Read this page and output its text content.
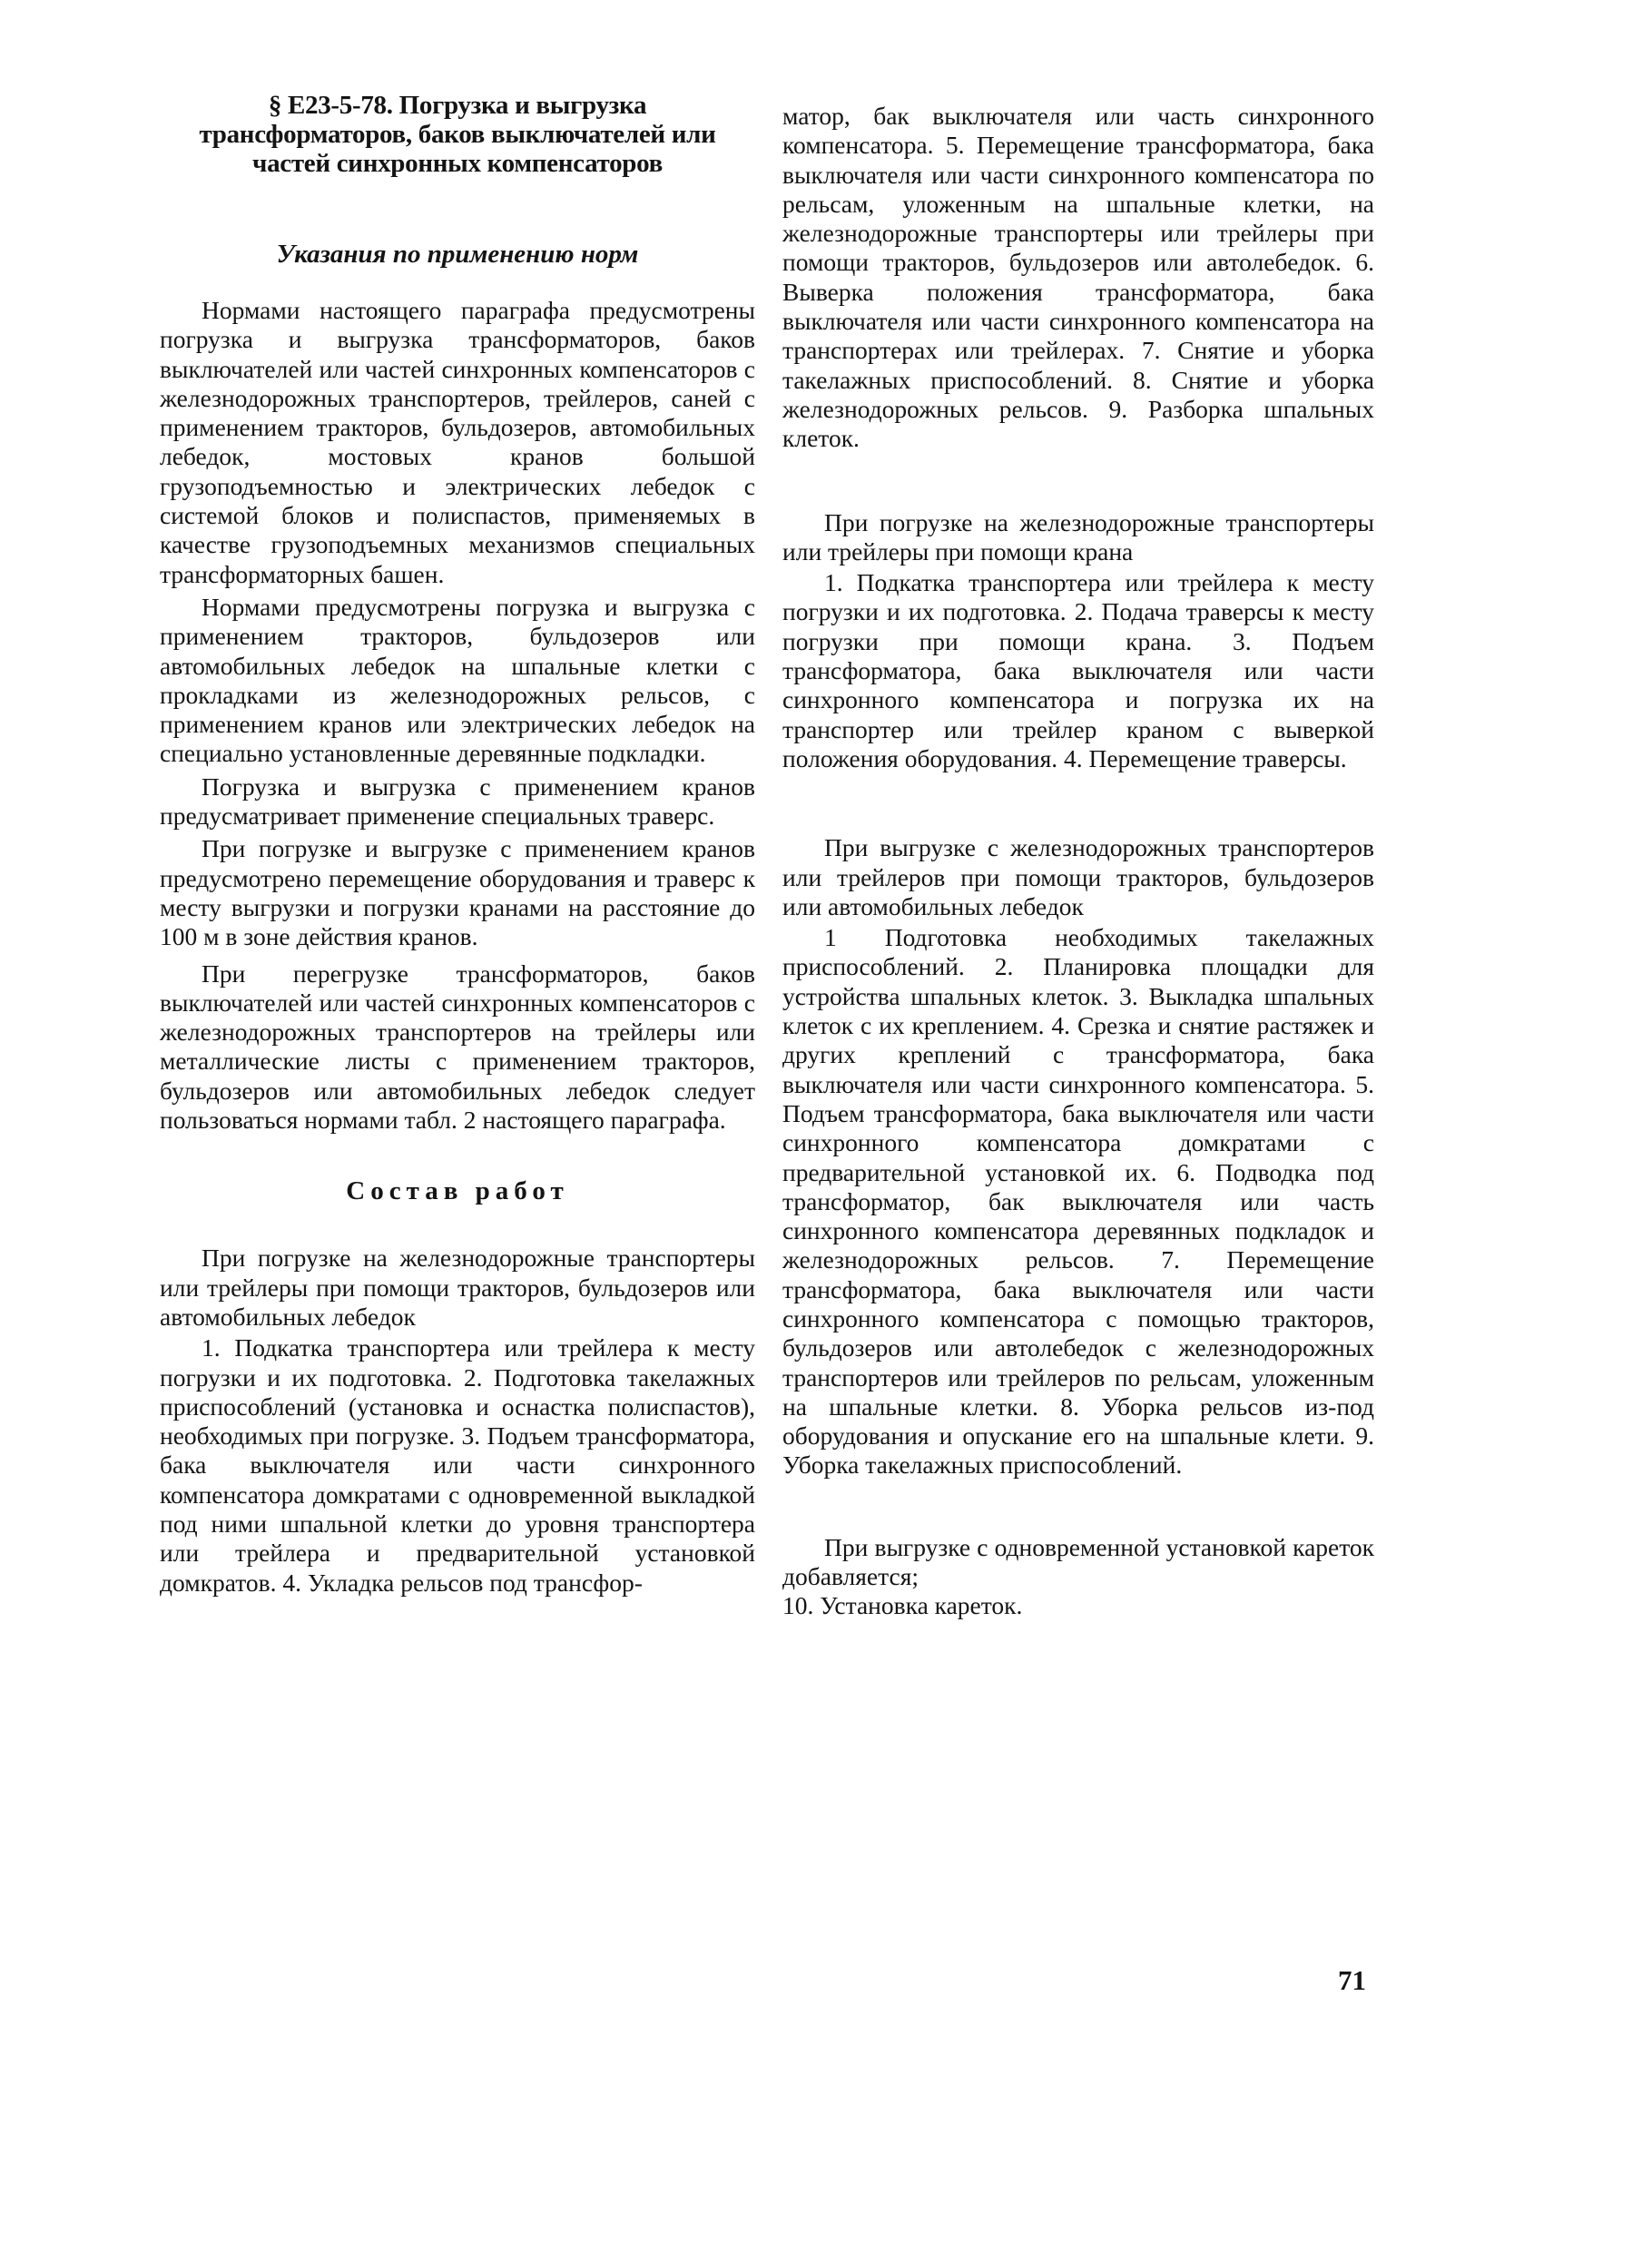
§ Е23-5-78. Погрузка и выгрузка трансформаторов, баков выключателей или частей синхронных компенсаторов
Указания по применению норм

Нормами настоящего параграфа предусмотрены погрузка и выгрузка трансформаторов, баков выключателей или частей синхронных компенсаторов с железнодорожных транспортеров, трейлеров, саней с применением тракторов, бульдозеров, автомобильных лебедок, мостовых кранов большой грузоподъемностью и электрических лебедок с системой блоков и полиспастов, применяемых в качестве грузоподъемных механизмов специальных трансформаторных башен.

Нормами предусмотрены погрузка и выгрузка с применением тракторов, бульдозеров или автомобильных лебедок на шпальные клетки с прокладками из железнодорожных рельсов, с применением кранов или электрических лебедок на специально установленные деревянные подкладки.

Погрузка и выгрузка с применением кранов предусматривает применение специальных траверс.

При погрузке и выгрузке с применением кранов предусмотрено перемещение оборудования и траверс к месту выгрузки и погрузки кранами на расстояние до 100 м в зоне действия кранов.

При перегрузке трансформаторов, баков выключателей или частей синхронных компенсаторов с железнодорожных транспортеров на трейлеры или металлические листы с применением тракторов, бульдозеров или автомобильных лебедок следует пользоваться нормами табл. 2 настоящего параграфа.

Состав работ

При погрузке на железнодорожные транспортеры или трейлеры при помощи тракторов, бульдозеров или автомобильных лебедок

1. Подкатка транспортера или трейлера к месту погрузки и их подготовка. 2. Подготовка такелажных приспособлений (установка и оснастка полиспастов), необходимых при погрузке. 3. Подъем трансформатора, бака выключателя или части синхронного компенсатора домкратами с одновременной выкладкой под ними шпальной клетки до уровня транспортера или трейлера и предварительной установкой домкратов. 4. Укладка рельсов под трансфор-

матор, бак выключателя или часть синхронного компенсатора. 5. Перемещение трансформатора, бака выключателя или части синхронного компенсатора по рельсам, уложенным на шпальные клетки, на железнодорожные транспортеры или трейлеры при помощи тракторов, бульдозеров или автолебедок. 6. Выверка положения трансформатора, бака выключателя или части синхронного компенсатора на транспортерах или трейлерах. 7. Снятие и уборка такелажных приспособлений. 8. Снятие и уборка железнодорожных рельсов. 9. Разборка шпальных клеток.

При погрузке на железнодорожные транспортеры или трейлеры при помощи крана

1. Подкатка транспортера или трейлера к месту погрузки и их подготовка. 2. Подача траверсы к месту погрузки при помощи крана. 3. Подъем трансформатора, бака выключателя или части синхронного компенсатора и погрузка их на транспортер или трейлер краном с выверкой положения оборудования. 4. Перемещение траверсы.

При выгрузке с железнодорожных транспортеров или трейлеров при помощи тракторов, бульдозеров или автомобильных лебедок

1 Подготовка необходимых такелажных приспособлений. 2. Планировка площадки для устройства шпальных клеток. 3. Выкладка шпальных клеток с их креплением. 4. Срезка и снятие растяжек и других креплений с трансформатора, бака выключателя или части синхронного компенсатора. 5. Подъем трансформатора, бака выключателя или части синхронного компенсатора домкратами с предварительной установкой их. 6. Подводка под трансформатор, бак выключателя или часть синхронного компенсатора деревянных подкладок и железнодорожных рельсов. 7. Перемещение трансформатора, бака выключателя или части синхронного компенсатора с помощью тракторов, бульдозеров или автолебедок с железнодорожных транспортеров или трейлеров по рельсам, уложенным на шпальные клетки. 8. Уборка рельсов из-под оборудования и опускание его на шпальные клети. 9. Уборка такелажных приспособлений.

При выгрузке с одновременной установкой кареток добавляется;

10. Установка кареток.

71
